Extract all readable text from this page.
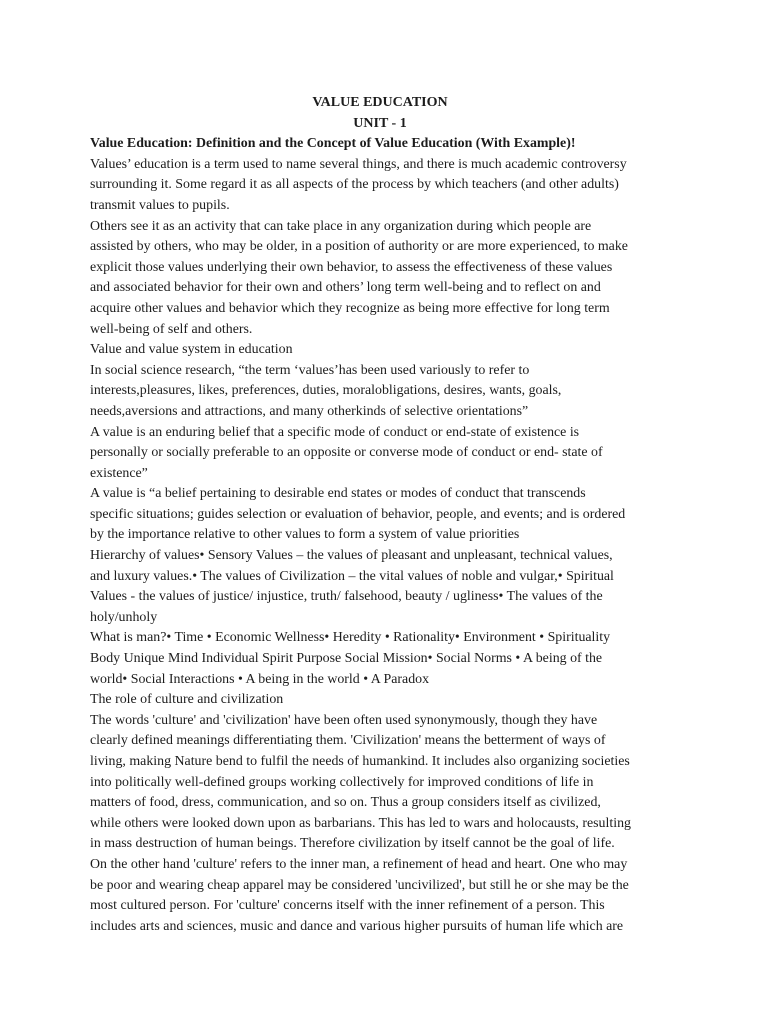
VALUE EDUCATION
UNIT - 1
Value Education: Definition and the Concept of Value Education (With Example)!
Values’ education is a term used to name several things, and there is much academic controversy
surrounding it. Some regard it as all aspects of the process by which teachers (and other adults)
transmit values to pupils.
Others see it as an activity that can take place in any organization during which people are
assisted by others, who may be older, in a position of authority or are more experienced, to make
explicit those values underlying their own behavior, to assess the effectiveness of these values
and associated behavior for their own and others’ long term well-being and to reflect on and
acquire other values and behavior which they recognize as being more effective for long term
well-being of self and others.
Value and value system in education
In social science research, “the term ‘values’has been used variously to refer to
interests,pleasures, likes, preferences, duties, moralobligations, desires, wants, goals,
needs,aversions and attractions, and many otherkinds of selective orientations”
A value is an enduring belief that a specific mode of conduct or end-state of existence is
personally or socially preferable to an opposite or converse mode of conduct or end- state of
existence”
A value is “a belief pertaining to desirable end states or modes of conduct that transcends
specific situations; guides selection or evaluation of behavior, people, and events; and is ordered
by the importance relative to other values to form a system of value priorities
Hierarchy of values• Sensory Values – the values of pleasant and unpleasant, technical values,
and luxury values.• The values of Civilization – the vital values of noble and vulgar,• Spiritual
Values - the values of justice/ injustice, truth/ falsehood, beauty / ugliness• The values of the
holy/unholy
What is man?• Time • Economic Wellness• Heredity • Rationality• Environment • Spirituality
Body Unique Mind Individual Spirit Purpose Social Mission• Social Norms • A being of the
world• Social Interactions • A being in the world • A Paradox
The role of culture and civilization
The words 'culture' and 'civilization' have been often used synonymously, though they have
clearly defined meanings differentiating them. 'Civilization' means the betterment of ways of
living, making Nature bend to fulfil the needs of humankind. It includes also organizing societies
into politically well-defined groups working collectively for improved conditions of life in
matters of food, dress, communication, and so on. Thus a group considers itself as civilized,
while others were looked down upon as barbarians. This has led to wars and holocausts, resulting
in mass destruction of human beings. Therefore civilization by itself cannot be the goal of life.
On the other hand 'culture' refers to the inner man, a refinement of head and heart. One who may
be poor and wearing cheap apparel may be considered 'uncivilized', but still he or she may be the
most cultured person. For 'culture' concerns itself with the inner refinement of a person. This
includes arts and sciences, music and dance and various higher pursuits of human life which are
